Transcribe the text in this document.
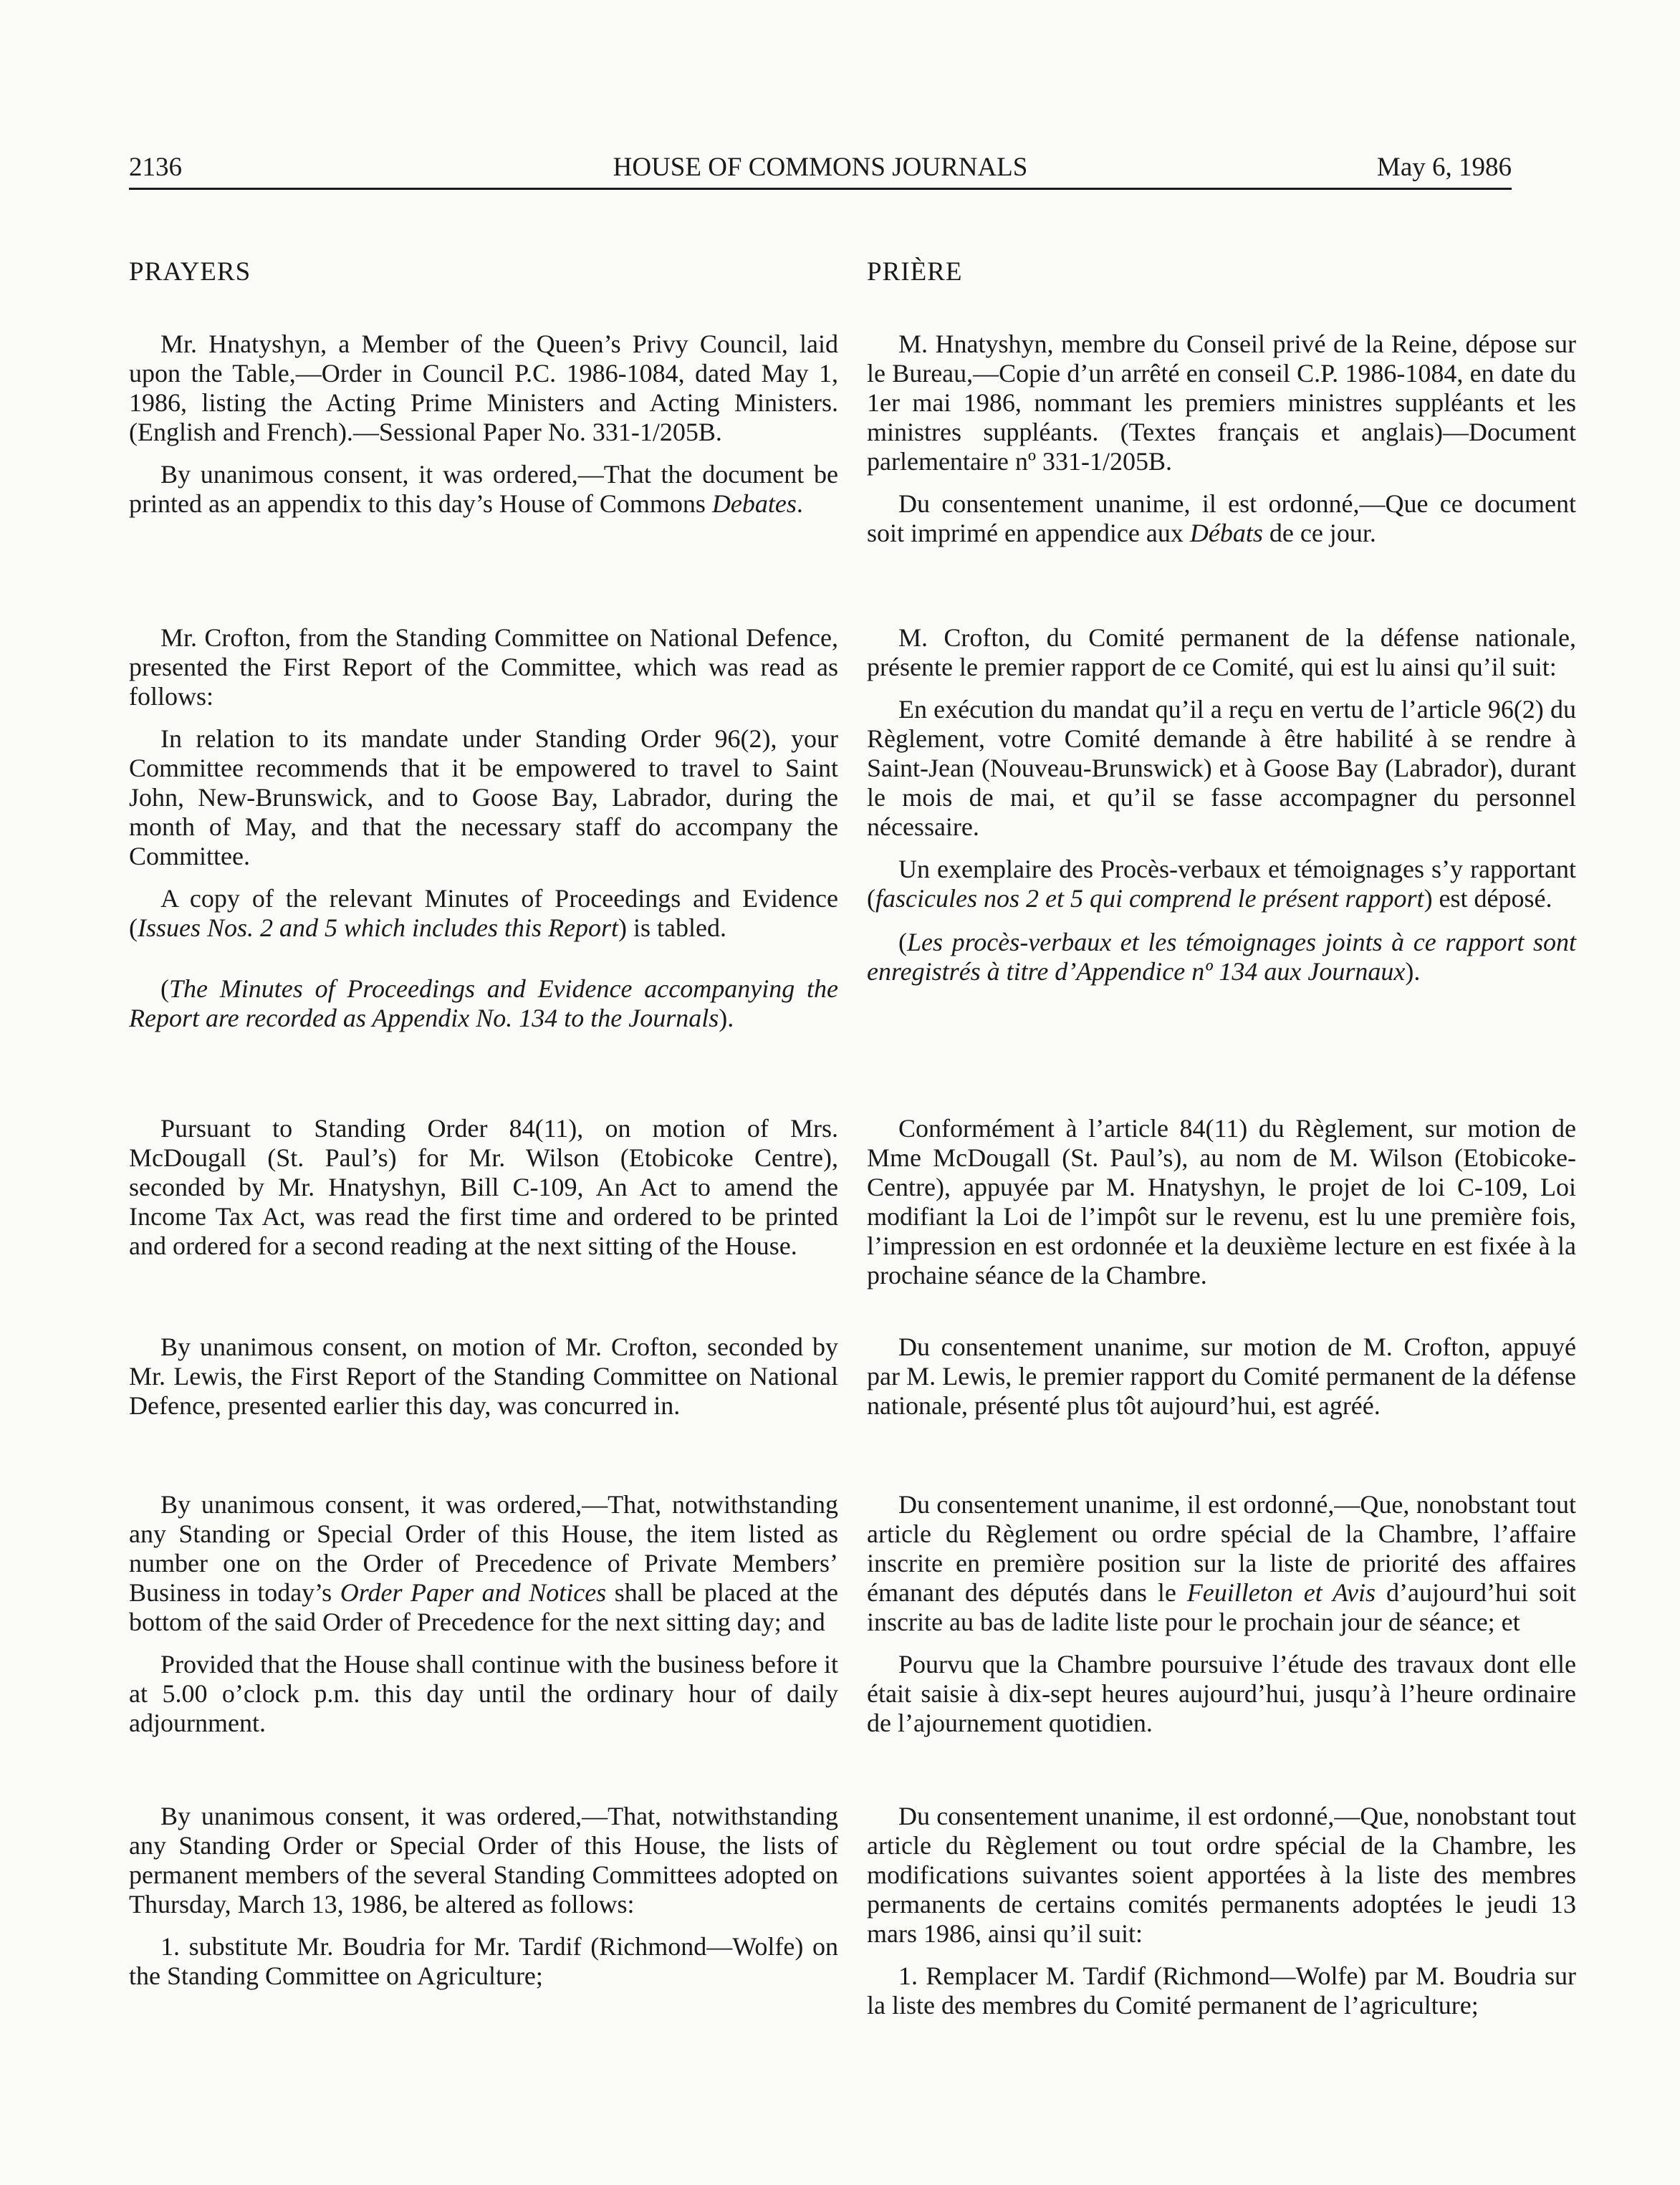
2136	HOUSE OF COMMONS JOURNALS	May 6, 1986
PRAYERS

Mr. Hnatyshyn, a Member of the Queen’s Privy Council, laid upon the Table,—Order in Council P.C. 1986-1084, dated May 1, 1986, listing the Acting Prime Ministers and Acting Ministers. (English and French).—Sessional Paper No. 331-1/205B.

By unanimous consent, it was ordered,—That the document be printed as an appendix to this day’s House of Commons Debates.

Mr. Crofton, from the Standing Committee on National Defence, presented the First Report of the Committee, which was read as follows:

In relation to its mandate under Standing Order 96(2), your Committee recommends that it be empowered to travel to Saint John, New-Brunswick, and to Goose Bay, Labrador, during the month of May, and that the necessary staff do accompany the Committee.

A copy of the relevant Minutes of Proceedings and Evidence (Issues Nos. 2 and 5 which includes this Report) is tabled.

(The Minutes of Proceedings and Evidence accompanying the Report are recorded as Appendix No. 134 to the Journals).

Pursuant to Standing Order 84(11), on motion of Mrs. McDougall (St. Paul’s) for Mr. Wilson (Etobicoke Centre), seconded by Mr. Hnatyshyn, Bill C-109, An Act to amend the Income Tax Act, was read the first time and ordered to be printed and ordered for a second reading at the next sitting of the House.

By unanimous consent, on motion of Mr. Crofton, seconded by Mr. Lewis, the First Report of the Standing Committee on National Defence, presented earlier this day, was concurred in.

By unanimous consent, it was ordered,—That, notwithstanding any Standing or Special Order of this House, the item listed as number one on the Order of Precedence of Private Members’ Business in today’s Order Paper and Notices shall be placed at the bottom of the said Order of Precedence for the next sitting day; and

Provided that the House shall continue with the business before it at 5.00 o’clock p.m. this day until the ordinary hour of daily adjournment.

By unanimous consent, it was ordered,—That, notwithstanding any Standing Order or Special Order of this House, the lists of permanent members of the several Standing Committees adopted on Thursday, March 13, 1986, be altered as follows:

1. substitute Mr. Boudria for Mr. Tardif (Richmond—Wolfe) on the Standing Committee on Agriculture;

PRIÈRE

M. Hnatyshyn, membre du Conseil privé de la Reine, dépose sur le Bureau,—Copie d’un arrêté en conseil C.P. 1986-1084, en date du 1er mai 1986, nommant les premiers ministres suppléants et les ministres suppléants. (Textes français et anglais)—Document parlementaire nº 331-1/205B.

Du consentement unanime, il est ordonné,—Que ce document soit imprimé en appendice aux Débats de ce jour.

M. Crofton, du Comité permanent de la défense nationale, présente le premier rapport de ce Comité, qui est lu ainsi qu’il suit:

En exécution du mandat qu’il a reçu en vertu de l’article 96(2) du Règlement, votre Comité demande à être habilité à se rendre à Saint-Jean (Nouveau-Brunswick) et à Goose Bay (Labrador), durant le mois de mai, et qu’il se fasse accompagner du personnel nécessaire.

Un exemplaire des Procès-verbaux et témoignages s’y rapportant (fascicules nos 2 et 5 qui comprend le présent rapport) est déposé.

(Les procès-verbaux et les témoignages joints à ce rapport sont enregistrés à titre d’Appendice nº 134 aux Journaux).

Conformément à l’article 84(11) du Règlement, sur motion de Mme McDougall (St. Paul’s), au nom de M. Wilson (Etobicoke-Centre), appuyée par M. Hnatyshyn, le projet de loi C-109, Loi modifiant la Loi de l’impôt sur le revenu, est lu une première fois, l’impression en est ordonnée et la deuxième lecture en est fixée à la prochaine séance de la Chambre.

Du consentement unanime, sur motion de M. Crofton, appuyé par M. Lewis, le premier rapport du Comité permanent de la défense nationale, présenté plus tôt aujourd’hui, est agréé.

Du consentement unanime, il est ordonné,—Que, nonobstant tout article du Règlement ou ordre spécial de la Chambre, l’affaire inscrite en première position sur la liste de priorité des affaires émanant des députés dans le Feuilleton et Avis d’aujourd’hui soit inscrite au bas de ladite liste pour le prochain jour de séance; et

Pourvu que la Chambre poursuive l’étude des travaux dont elle était saisie à dix-sept heures aujourd’hui, jusqu’à l’heure ordinaire de l’ajournement quotidien.

Du consentement unanime, il est ordonné,—Que, nonobstant tout article du Règlement ou tout ordre spécial de la Chambre, les modifications suivantes soient apportées à la liste des membres permanents de certains comités permanents adoptées le jeudi 13 mars 1986, ainsi qu’il suit:

1. Remplacer M. Tardif (Richmond—Wolfe) par M. Boudria sur la liste des membres du Comité permanent de l’agriculture;
